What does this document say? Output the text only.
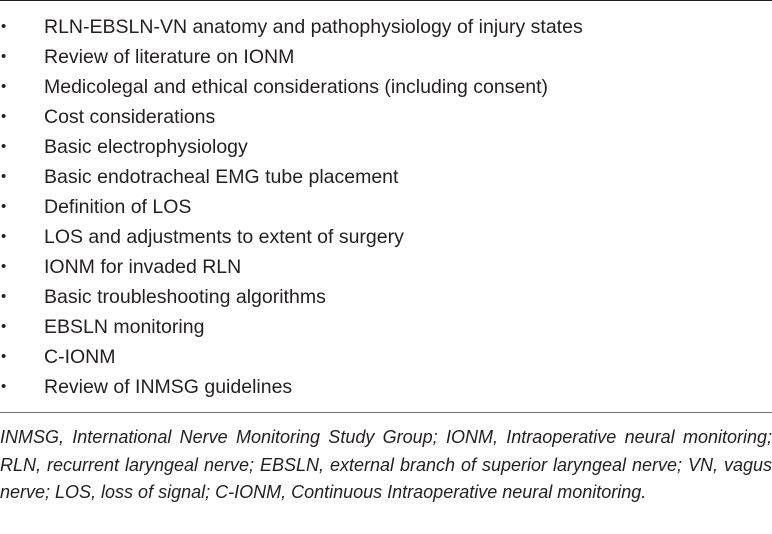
• RLN-EBSLN-VN anatomy and pathophysiology of injury states
• Review of literature on IONM
• Medicolegal and ethical considerations (including consent)
• Cost considerations
• Basic electrophysiology
• Basic endotracheal EMG tube placement
• Definition of LOS
• LOS and adjustments to extent of surgery
• IONM for invaded RLN
• Basic troubleshooting algorithms
• EBSLN monitoring
• C-IONM
• Review of INMSG guidelines

INMSG, International Nerve Monitoring Study Group; IONM, Intraoperative neural monitoring; RLN, recurrent laryngeal nerve; EBSLN, external branch of superior laryngeal nerve; VN, vagus nerve; LOS, loss of signal; C-IONM, Continuous Intraoperative neural monitoring.
